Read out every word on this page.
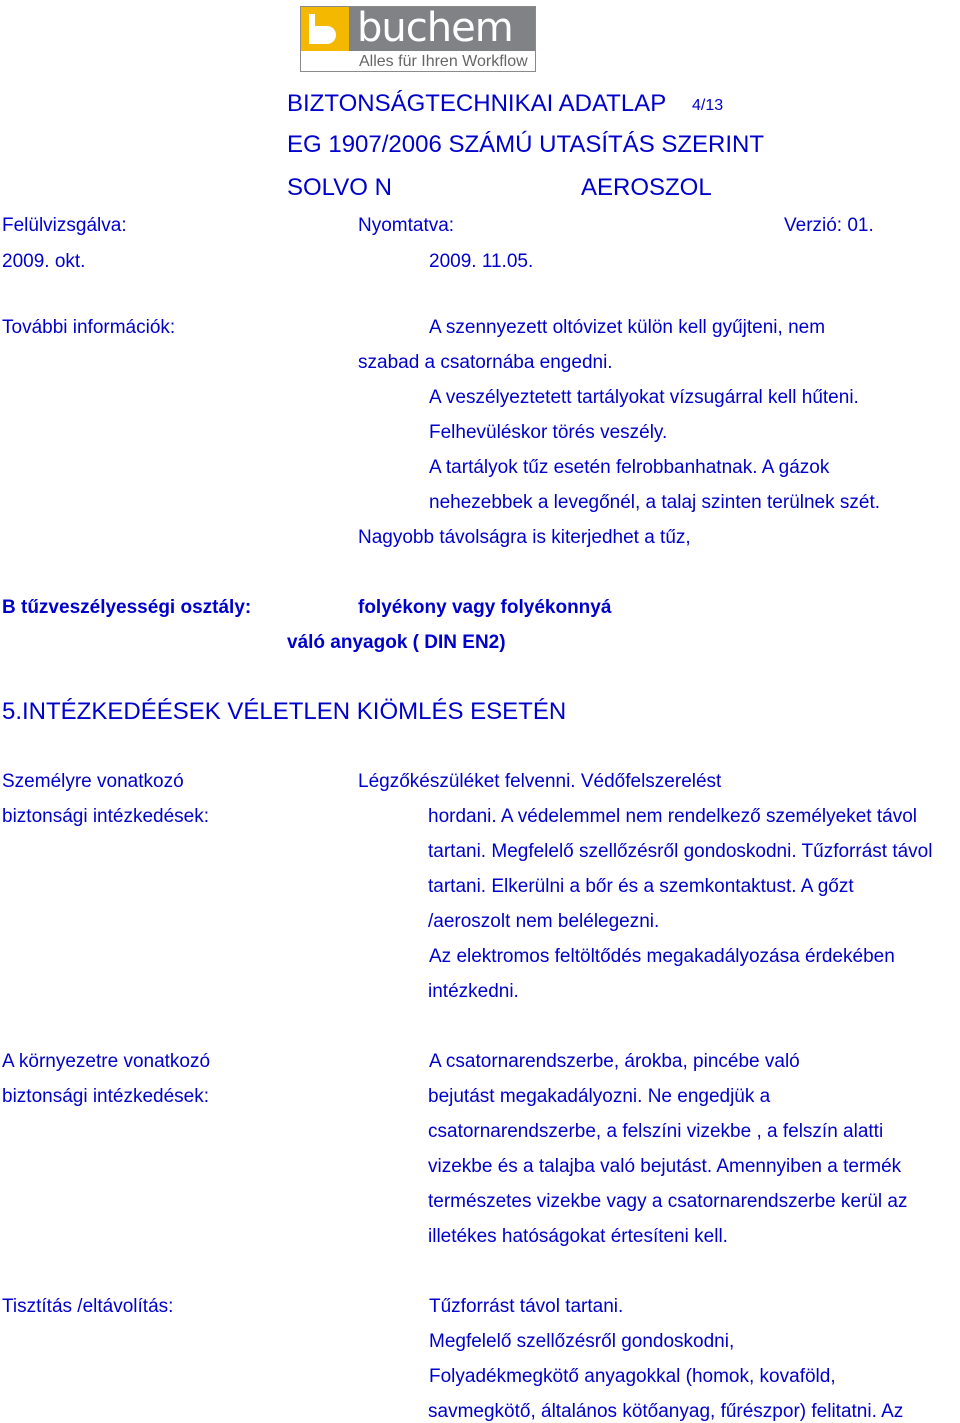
buchem
Alles für Ihren Workflow
BIZTONSÁGTECHNIKAI ADATLAP 4/13
EG 1907/2006 SZÁMÚ UTASÍTÁS SZERINT
SOLVO N	AEROSZOL
Felülvizsgálva:	Nyomtatva:	Verzió: 01.
2009. okt.	2009. 11.05.
További információk:	A szennyezett oltóvizet külön kell gyűjteni, nem
szabad a csatornába engedni.
A veszélyeztetett tartályokat vízsugárral kell hűteni.
Felhevüléskor törés veszély.
A tartályok tűz esetén felrobbanhatnak. A gázok
nehezebbek a levegőnél, a talaj szinten terülnek szét.
Nagyobb távolságra is kiterjedhet a tűz,
B tűzveszélyességi osztály:	folyékony vagy folyékonnyá
váló anyagok ( DIN EN2)
5.INTÉZKEDÉÉSEK VÉLETLEN KIÖMLÉS ESETÉN
Személyre vonatkozó
biztonsági intézkedések:
Légzőkészüléket felvenni. Védőfelszerelést
hordani. A védelemmel nem rendelkező személyeket távol
tartani. Megfelelő szellőzésről gondoskodni. Tűzforrást távol
tartani. Elkerülni a bőr és a szemkontaktust. A gőzt
/aeroszolt nem belélegezni.
Az elektromos feltöltődés megakadályozása érdekében
intézkedni.
A környezetre vonatkozó
biztonsági intézkedések:
A csatornarendszerbe, árokba, pincébe való
bejutást megakadályozni. Ne engedjük a
csatornarendszerbe, a felszíni vizekbe , a felszín alatti
vizekbe és a talajba való bejutást. Amennyiben a termék
természetes vizekbe vagy a csatornarendszerbe kerül az
illetékes hatóságokat értesíteni kell.
Tisztítás /eltávolítás:	Tűzforrást távol tartani.
Megfelelő szellőzésről gondoskodni,
Folyadékmegkötő anyagokkal (homok, kovaföld,
savmegkötő, általános kötőanyag, fűrészpor) felitatni. Az
